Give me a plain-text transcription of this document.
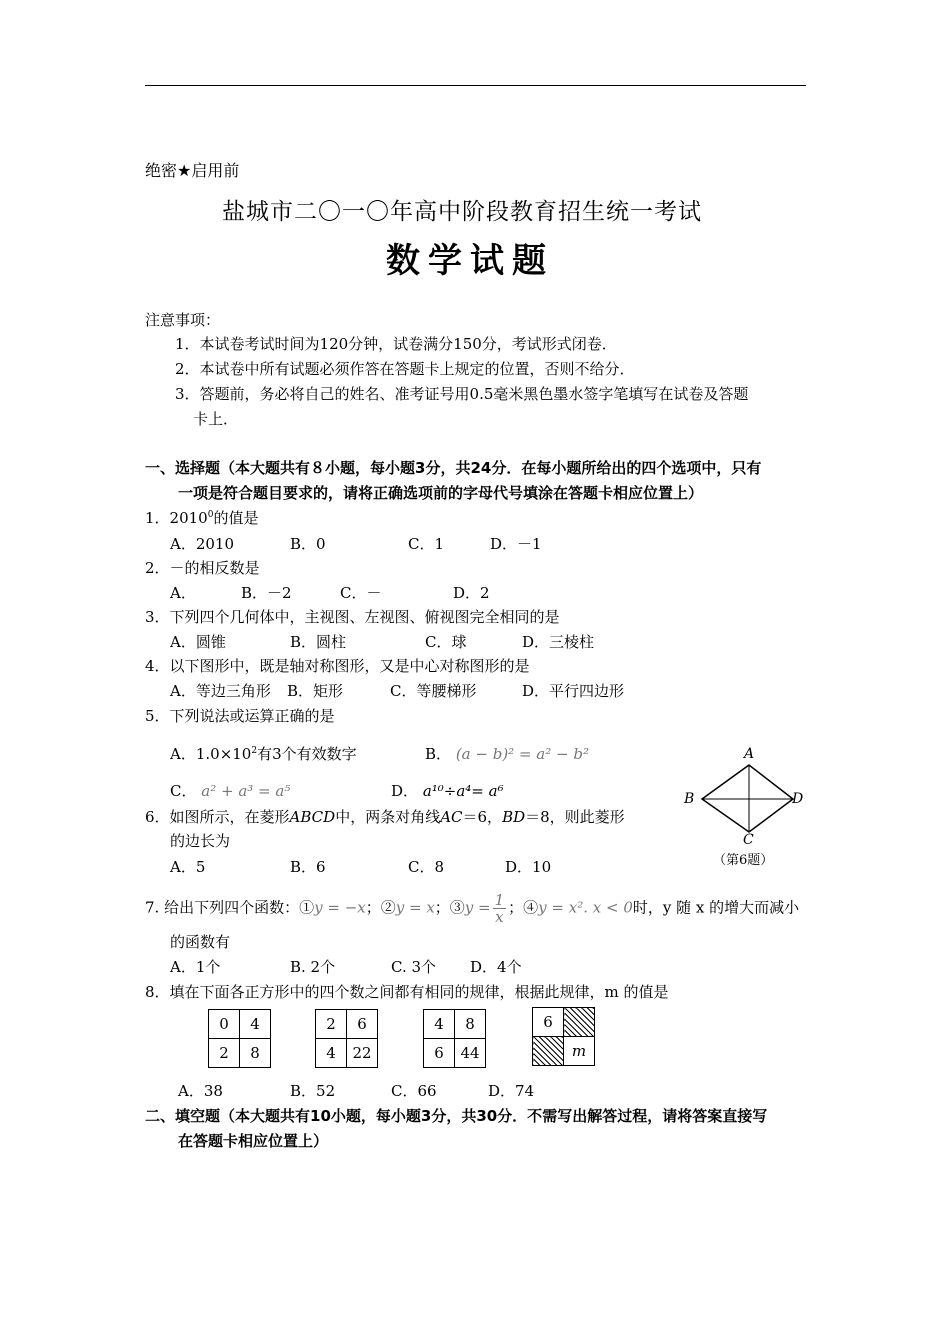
绝密★启用前
盐城市二〇一〇年高中阶段教育招生统一考试
数学试题
注意事项：
1．本试卷考试时间为120分钟，试卷满分150分，考试形式闭卷．
2．本试卷中所有试题必须作答在答题卡上规定的位置，否则不给分．
3．答题前，务必将自己的姓名、准考证号用0.5毫米黑色墨水签字笔填写在试卷及答题
卡上．
一、选择题（本大题共有８小题，每小题3分，共24分．在每小题所给出的四个选项中，只有
一项是符合题目要求的，请将正确选项前的字母代号填涂在答题卡相应位置上）
1．2010$^0$的值是
A．2010	B．0	C．1	D．－1
2．－的相反数是
A．	B．－2	C．－	D．2
3．下列四个几何体中，主视图、左视图、俯视图完全相同的是
A．圆锥	B．圆柱	C．球	D．三棱柱
4．以下图形中，既是轴对称图形，又是中心对称图形的是
A．等边三角形 B．矩形	C．等腰梯形	D．平行四边形
5．下列说法或运算正确的是
A．$1.0\times 10^2$有3个有效数字	B． (a − b)² = a² − b²
C． a² + a³ = a⁵	D． a¹⁰÷a⁴= a⁶
6．如图所示，在菱形ABCD中，两条对角线AC＝6，BD＝8，则此菱形
的边长为
A．5	B．6	C．8	D．10
A
B
C
D
（第6题）
7. 给出下列四个函数：①y = −x；②y = x；③y = $\frac{1}{x}$ ；④y = x². x < 0时，y 随 x 的增大而减小
的函数有
A．1个	B. 2个	C. 3个 D．4个
8．填在下面各正方形中的四个数之间都有相同的规律，根据此规律，m 的值是
0	4
2	8
2	6
4	22
4	8
6	44
6	
	m
A．38	B．52	C．66	D．74
二、填空题（本大题共有10小题，每小题3分，共30分．不需写出解答过程，请将答案直接写
在答题卡相应位置上）
